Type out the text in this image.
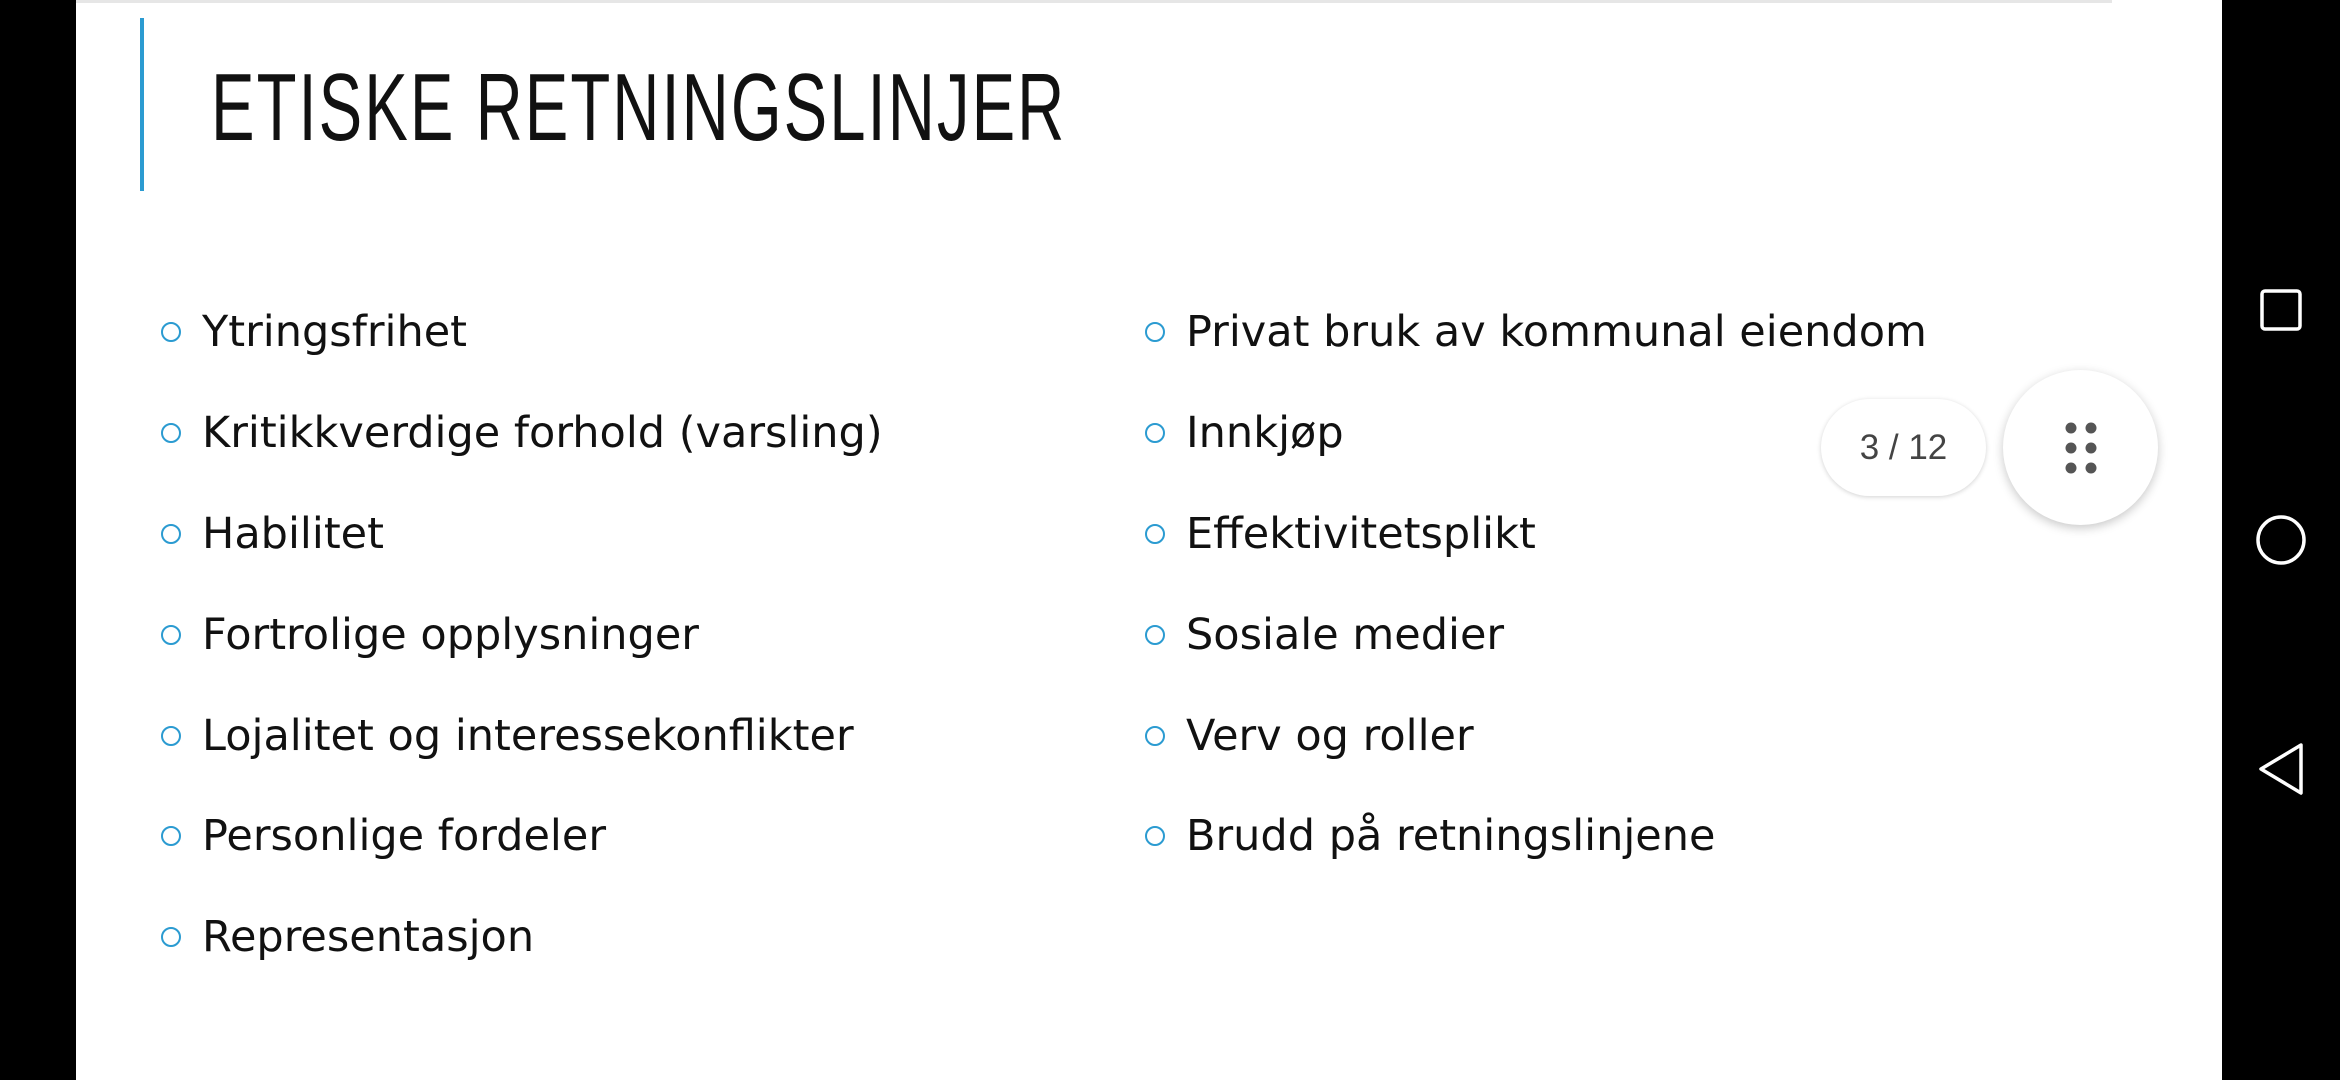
ETISKE RETNINGSLINJER
Ytringsfrihet
Kritikkverdige forhold (varsling)
Habilitet
Fortrolige opplysninger
Lojalitet og interessekonflikter
Personlige fordeler
Representasjon
Privat bruk av kommunal eiendom
Innkjøp
Effektivitetsplikt
Sosiale medier
Verv og roller
Brudd på retningslinjene
3 / 12
